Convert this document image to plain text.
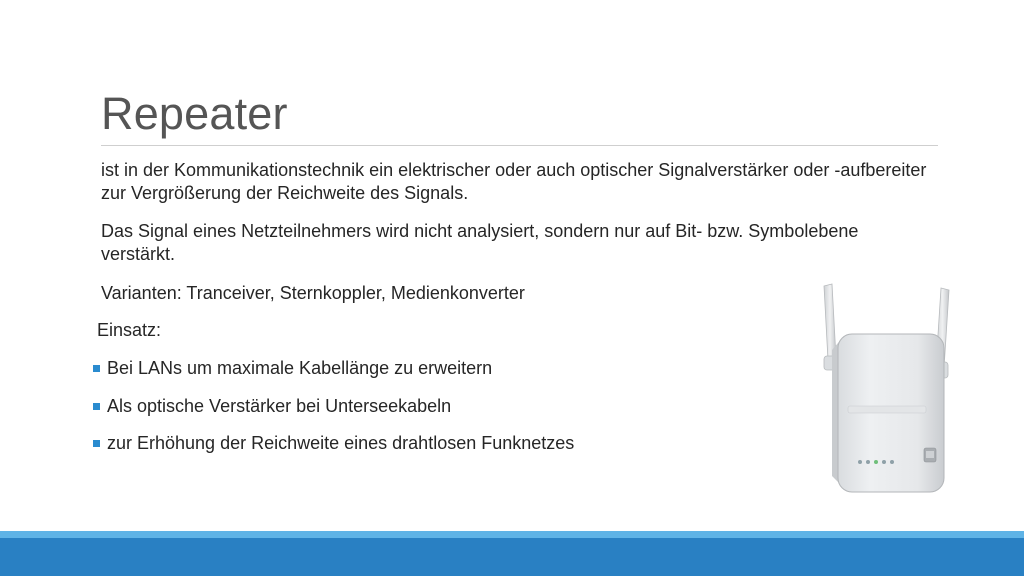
Repeater

ist in der Kommunikationstechnik ein elektrischer oder auch optischer Signalverstärker oder -aufbereiter zur Vergrößerung der Reichweite des Signals.

Das Signal eines Netzteilnehmers wird nicht analysiert, sondern nur auf Bit- bzw. Symbolebene verstärkt.

Varianten: Tranceiver, Sternkoppler, Medienkonverter

Einsatz:
Bei LANs um maximale Kabellänge zu erweitern
Als optische Verstärker bei Unterseekabeln
zur Erhöhung der Reichweite eines drahtlosen Funknetzes
